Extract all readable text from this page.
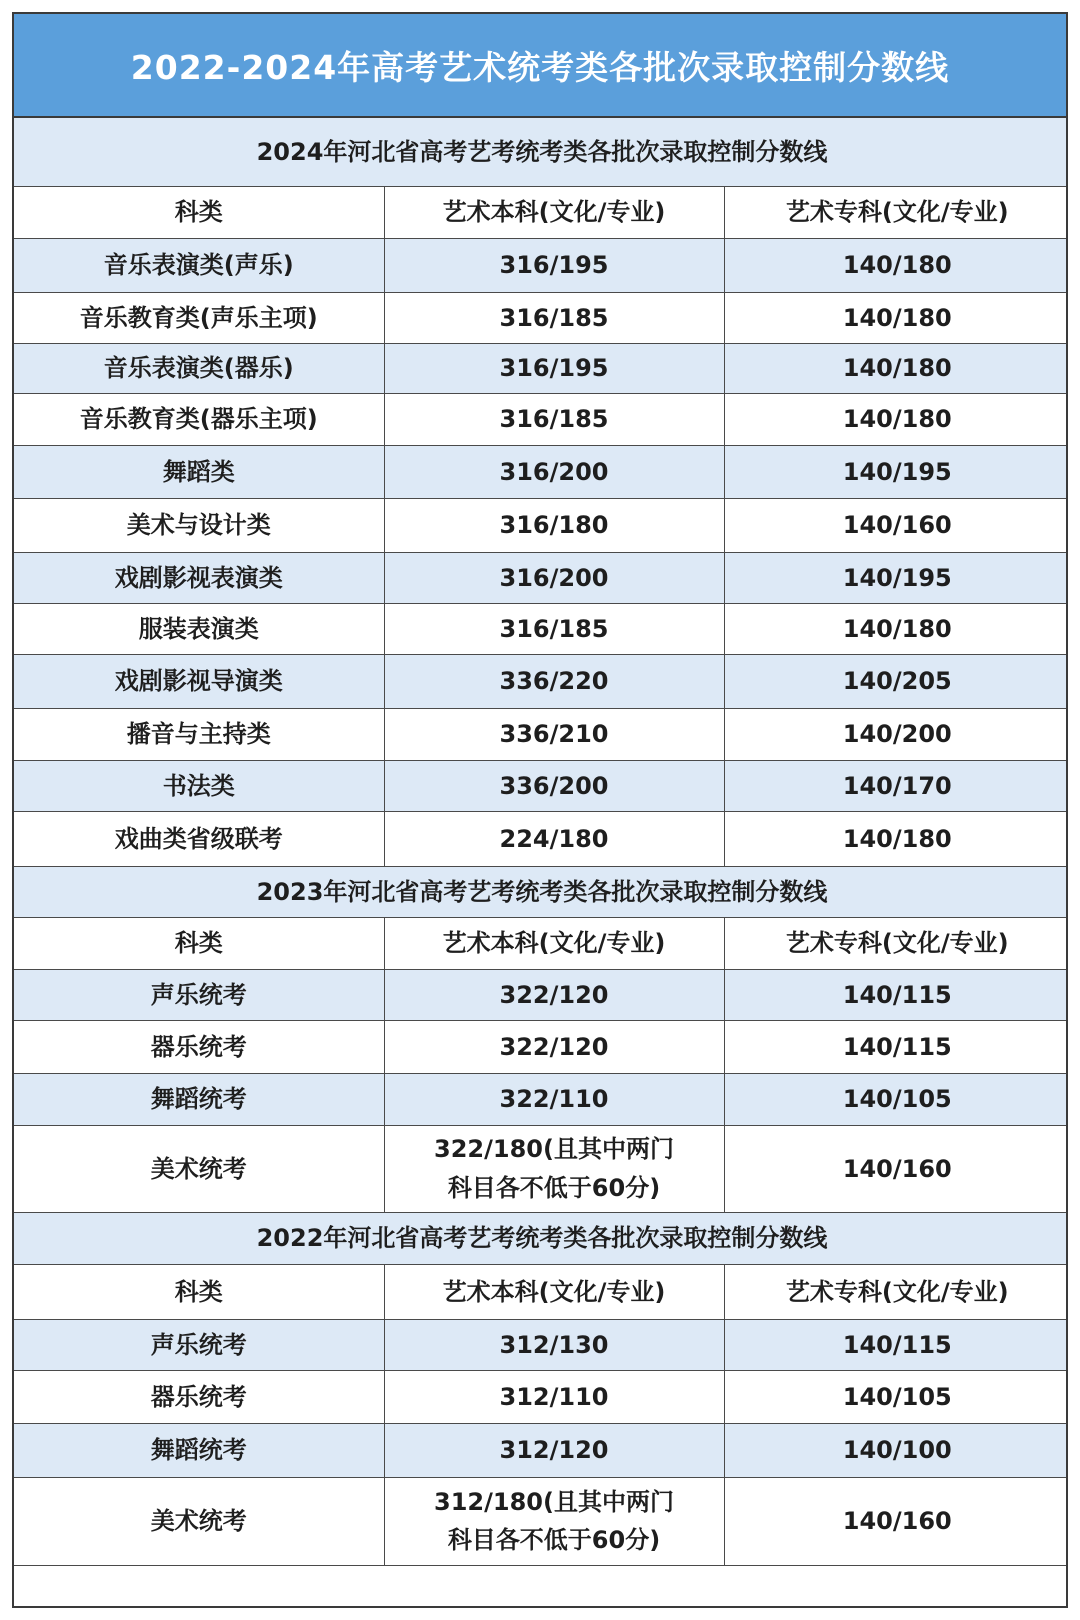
2022-2024年高考艺术统考类各批次录取控制分数线
2024年河北省高考艺考统考类各批次录取控制分数线		
科类	艺术本科(文化/专业)	艺术专科(文化/专业)
音乐表演类(声乐)	316/195	140/180
音乐教育类(声乐主项)	316/185	140/180
音乐表演类(器乐)	316/195	140/180
音乐教育类(器乐主项)	316/185	140/180
舞蹈类	316/200	140/195
美术与设计类	316/180	140/160
戏剧影视表演类	316/200	140/195
服装表演类	316/185	140/180
戏剧影视导演类	336/220	140/205
播音与主持类	336/210	140/200
书法类	336/200	140/170
戏曲类省级联考	224/180	140/180
2023年河北省高考艺考统考类各批次录取控制分数线		
科类	艺术本科(文化/专业)	艺术专科(文化/专业)
声乐统考	322/120	140/115
器乐统考	322/120	140/115
舞蹈统考	322/110	140/105
美术统考	322/180(且其中两门科目各不低于60分)	140/160
2022年河北省高考艺考统考类各批次录取控制分数线		
科类	艺术本科(文化/专业)	艺术专科(文化/专业)
声乐统考	312/130	140/115
器乐统考	312/110	140/105
舞蹈统考	312/120	140/100
美术统考	312/180(且其中两门科目各不低于60分)	140/160
